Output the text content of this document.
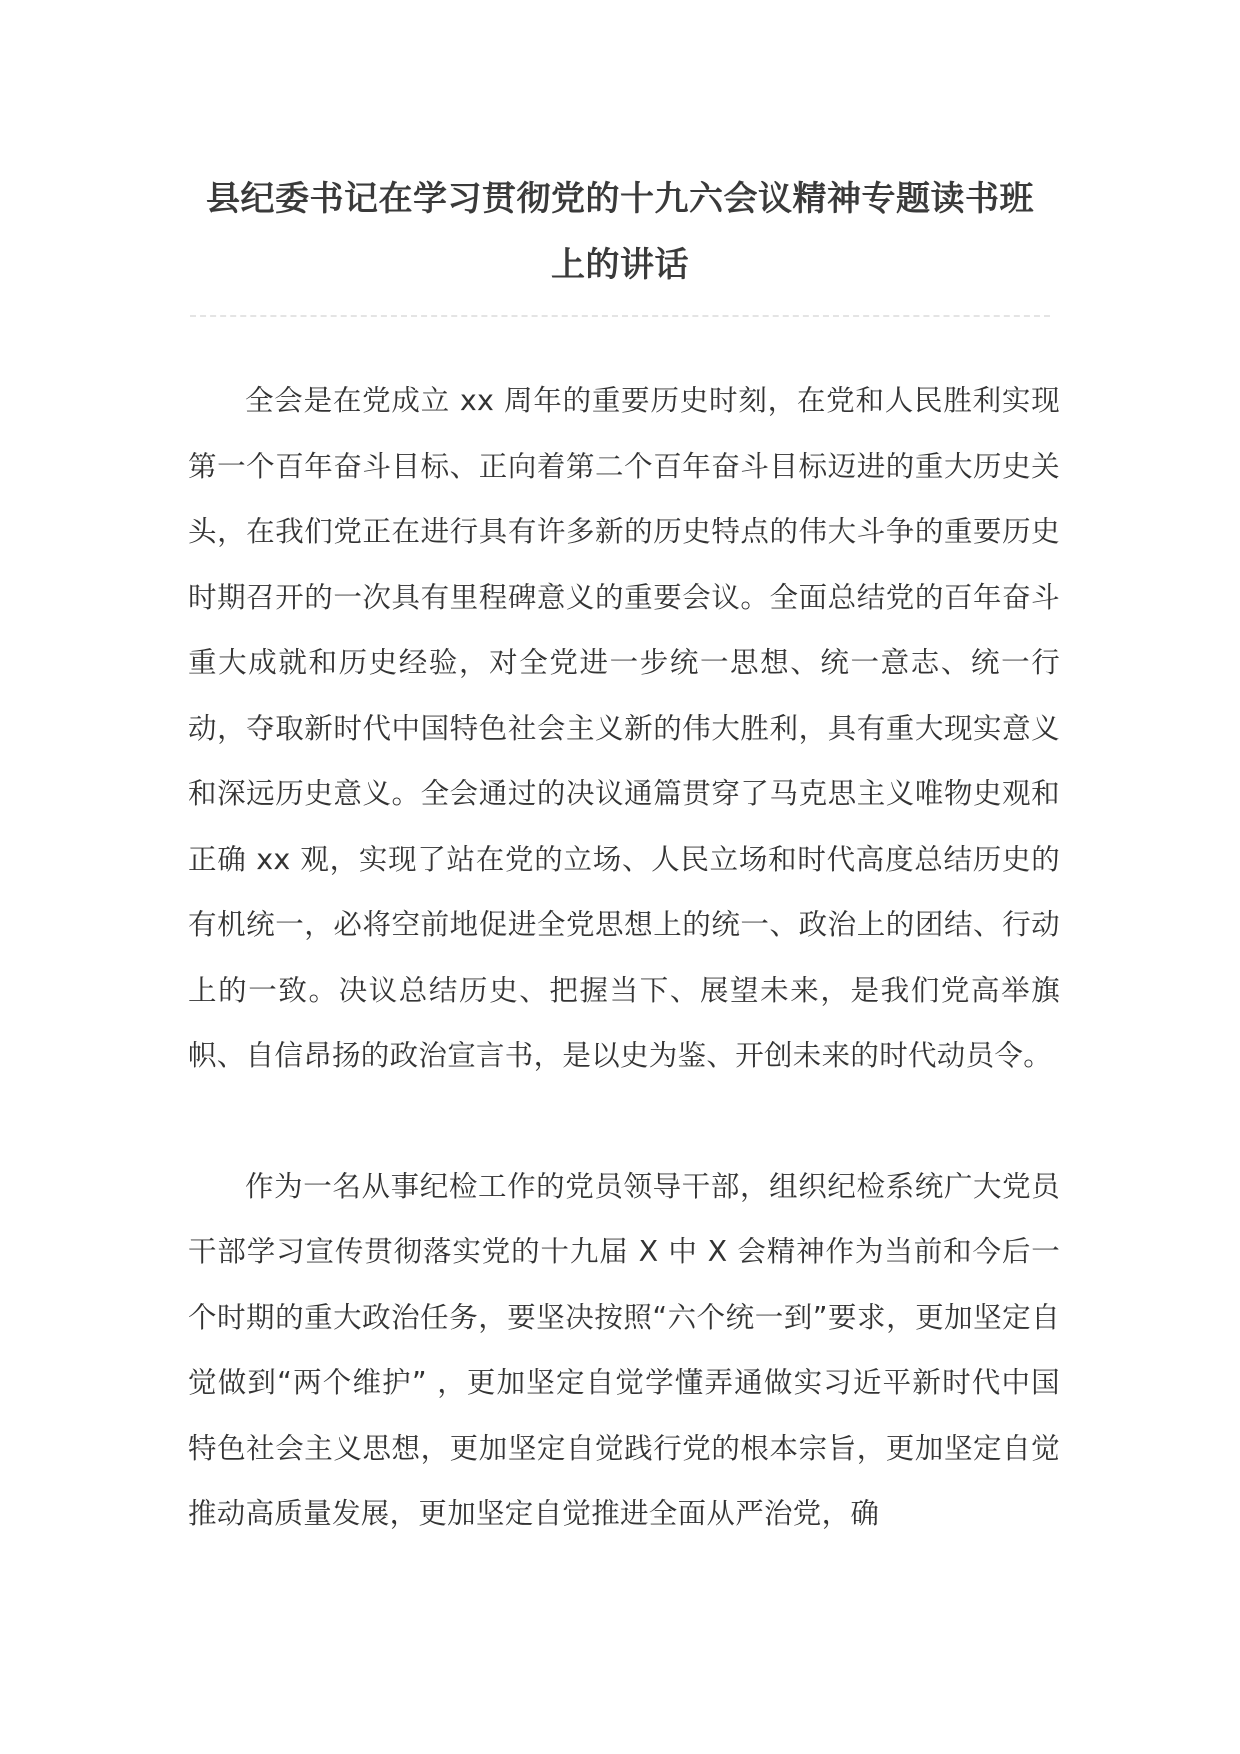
县纪委书记在学习贯彻党的十九六会议精神专题读书班上的讲话

全会是在党成立 xx 周年的重要历史时刻，在党和人民胜利实现第一个百年奋斗目标、正向着第二个百年奋斗目标迈进的重大历史关头，在我们党正在进行具有许多新的历史特点的伟大斗争的重要历史时期召开的一次具有里程碑意义的重要会议。全面总结党的百年奋斗重大成就和历史经验，对全党进一步统一思想、统一意志、统一行动，夺取新时代中国特色社会主义新的伟大胜利，具有重大现实意义和深远历史意义。全会通过的决议通篇贯穿了马克思主义唯物史观和正确 xx 观，实现了站在党的立场、人民立场和时代高度总结历史的有机统一，必将空前地促进全党思想上的统一、政治上的团结、行动上的一致。决议总结历史、把握当下、展望未来，是我们党高举旗帜、自信昂扬的政治宣言书，是以史为鉴、开创未来的时代动员令。

作为一名从事纪检工作的党员领导干部，组织纪检系统广大党员干部学习宣传贯彻落实党的十九届 X 中 X 会精神作为当前和今后一个时期的重大政治任务，要坚决按照“六个统一到”要求，更加坚定自觉做到“两个维护” ，更加坚定自觉学懂弄通做实习近平新时代中国特色社会主义思想，更加坚定自觉践行党的根本宗旨，更加坚定自觉推动高质量发展，更加坚定自觉推进全面从严治党，确
